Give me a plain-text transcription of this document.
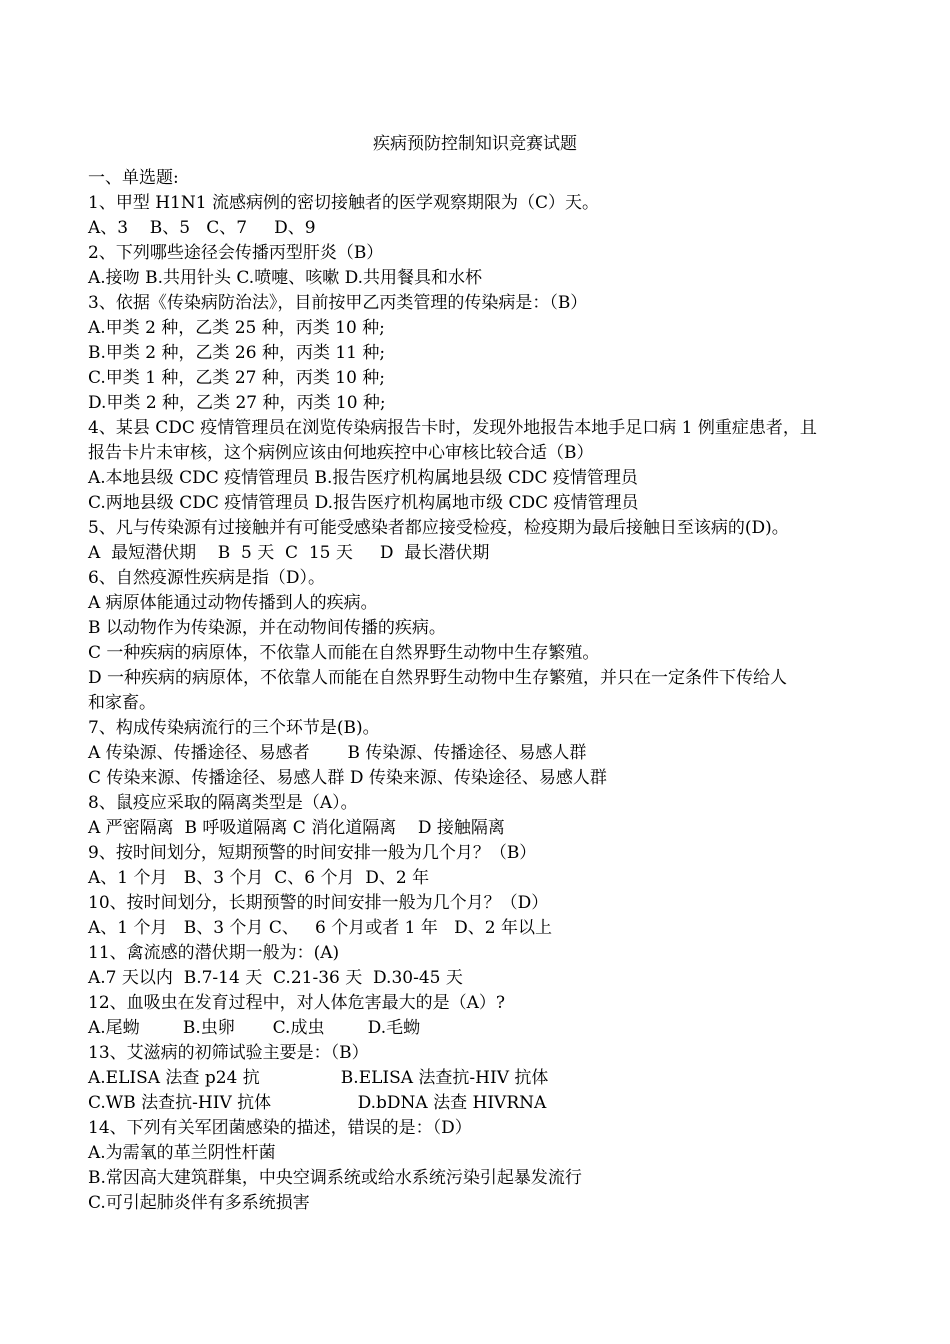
疾病预防控制知识竞赛试题
一、单选题:
1、甲型 H1N1 流感病例的密切接触者的医学观察期限为（C）天。
A、3    B、5   C、7     D、9
2、下列哪些途径会传播丙型肝炎（B）
A.接吻 B.共用针头 C.喷嚏、咳嗽 D.共用餐具和水杯
3、依据《传染病防治法》，目前按甲乙丙类管理的传染病是：（B）
A.甲类 2 种，乙类 25 种，丙类 10 种;
B.甲类 2 种，乙类 26 种，丙类 11 种;
C.甲类 1 种，乙类 27 种，丙类 10 种;
D.甲类 2 种，乙类 27 种，丙类 10 种;
4、某县 CDC 疫情管理员在浏览传染病报告卡时，发现外地报告本地手足口病 1 例重症患者，且
报告卡片未审核，这个病例应该由何地疾控中心审核比较合适（B）
A.本地县级 CDC 疫情管理员 B.报告医疗机构属地县级 CDC 疫情管理员
C.两地县级 CDC 疫情管理员 D.报告医疗机构属地市级 CDC 疫情管理员
5、凡与传染源有过接触并有可能受感染者都应接受检疫，检疫期为最后接触日至该病的(D)。
A  最短潜伏期    B  5 天  C  15 天     D  最长潜伏期
6、自然疫源性疾病是指（D）。
A 病原体能通过动物传播到人的疾病。
B 以动物作为传染源，并在动物间传播的疾病。
C 一种疾病的病原体，不依靠人而能在自然界野生动物中生存繁殖。
D 一种疾病的病原体，不依靠人而能在自然界野生动物中生存繁殖，并只在一定条件下传给人
和家畜。
7、构成传染病流行的三个环节是(B)。
A 传染源、传播途径、易感者       B 传染源、传播途径、易感人群
C 传染来源、传播途径、易感人群 D 传染来源、传染途径、易感人群
8、鼠疫应采取的隔离类型是（A）。
A 严密隔离  B 呼吸道隔离 C 消化道隔离    D 接触隔离
9、按时间划分，短期预警的时间安排一般为几个月？（B）
A、1 个月   B、3 个月  C、6 个月  D、2 年
10、按时间划分，长期预警的时间安排一般为几个月？（D）
A、1 个月   B、3 个月 C、   6 个月或者 1 年   D、2 年以上
11、禽流感的潜伏期一般为：(A)
A.7 天以内  B.7-14 天  C.21-36 天  D.30-45 天
12、血吸虫在发育过程中，对人体危害最大的是（A）?
A.尾蚴        B.虫卵       C.成虫        D.毛蚴
13、艾滋病的初筛试验主要是：（B）
A.ELISA 法查 p24 抗               B.ELISA 法查抗-HIV 抗体
C.WB 法查抗-HIV 抗体                D.bDNA 法查 HIVRNA
14、下列有关军团菌感染的描述，错误的是：（D）
A.为需氧的革兰阴性杆菌
B.常因高大建筑群集，中央空调系统或给水系统污染引起暴发流行
C.可引起肺炎伴有多系统损害
